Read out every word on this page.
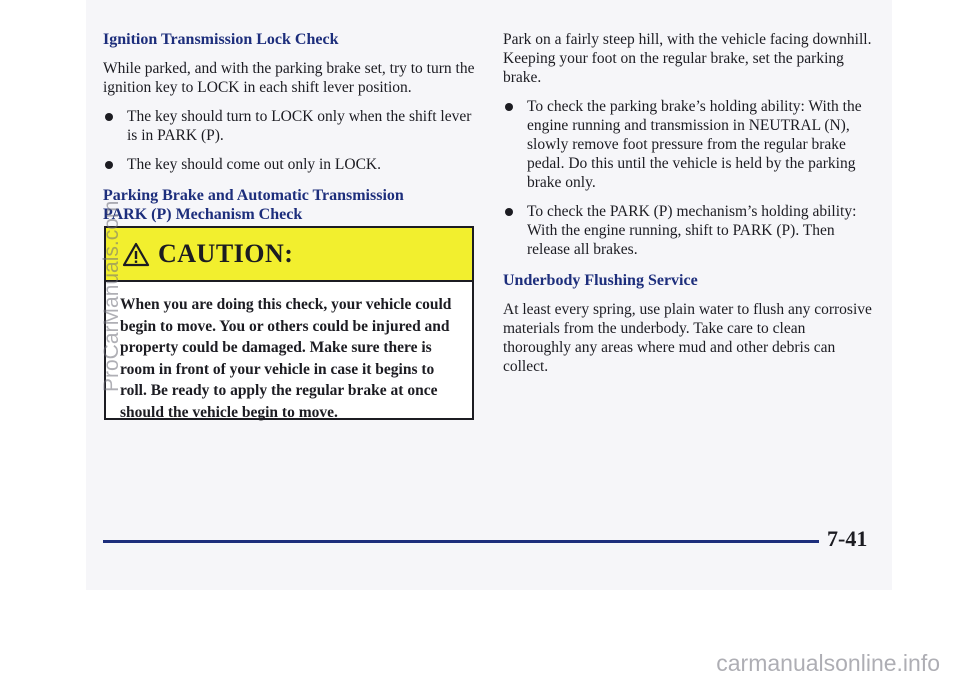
Ignition Transmission Lock Check

While parked, and with the parking brake set, try to turn the ignition key to LOCK in each shift lever position.

The key should turn to LOCK only when the shift lever is in PARK (P).
The key should come out only in LOCK.
Parking Brake and Automatic Transmission
PARK (P) Mechanism Check
CAUTION:
When you are doing this check, your vehicle could begin to move. You or others could be injured and property could be damaged. Make sure there is room in front of your vehicle in case it begins to roll. Be ready to apply the regular brake at once should the vehicle begin to move.

Park on a fairly steep hill, with the vehicle facing downhill. Keeping your foot on the regular brake, set the parking brake.

To check the parking brake’s holding ability: With the engine running and transmission in NEUTRAL (N), slowly remove foot pressure from the regular brake pedal. Do this until the vehicle is held by the parking brake only.
To check the PARK (P) mechanism’s holding ability: With the engine running, shift to PARK (P). Then release all brakes.
Underbody Flushing Service

At least every spring, use plain water to flush any corrosive materials from the underbody. Take care to clean thoroughly any areas where mud and other debris can collect.

7-41
ProCarManuals.com
carmanualsonline.info
